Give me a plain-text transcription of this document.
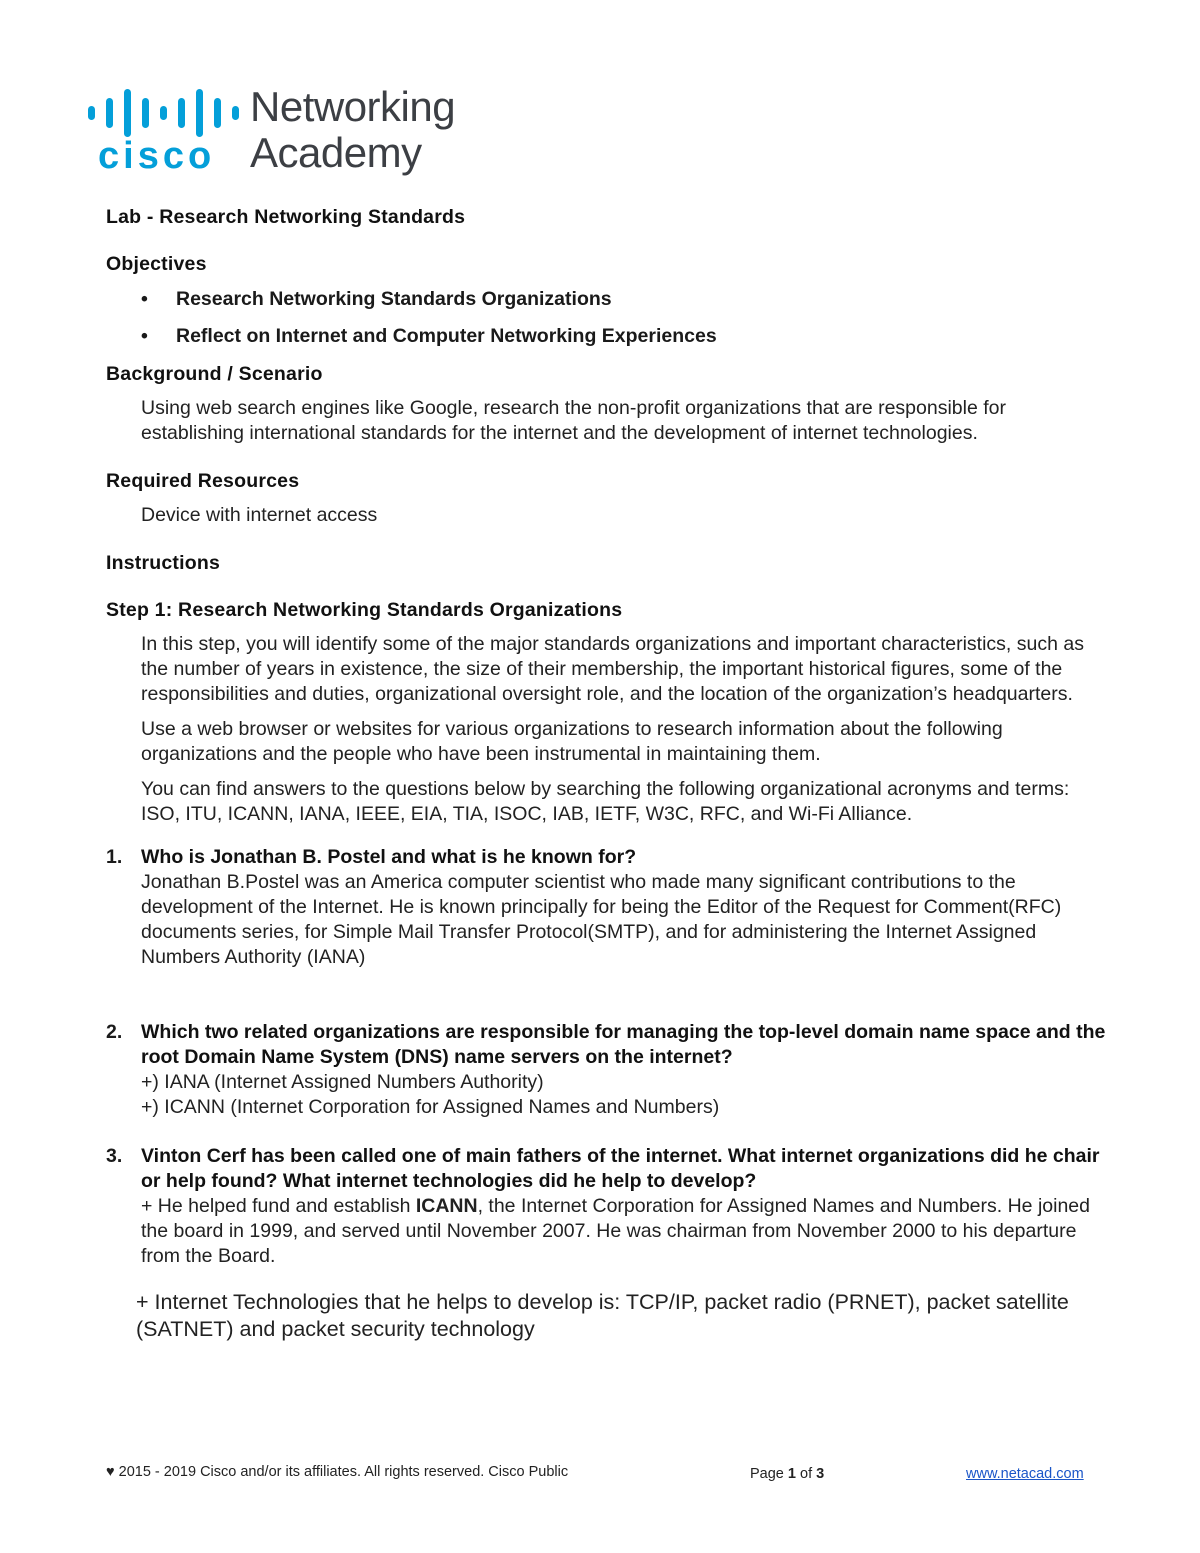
cisco
Networking
Academy
Lab - Research Networking Standards
Objectives
• Research Networking Standards Organizations
• Reflect on Internet and Computer Networking Experiences
Background / Scenario

Using web search engines like Google, research the non-profit organizations that are responsible for establishing international standards for the internet and the development of internet technologies.

Required Resources

Device with internet access

Instructions
Step 1: Research Networking Standards Organizations

In this step, you will identify some of the major standards organizations and important characteristics, such as the number of years in existence, the size of their membership, the important historical figures, some of the responsibilities and duties, organizational oversight role, and the location of the organization’s headquarters.

Use a web browser or websites for various organizations to research information about the following organizations and the people who have been instrumental in maintaining them.

You can find answers to the questions below by searching the following organizational acronyms and terms: ISO, ITU, ICANN, IANA, IEEE, EIA, TIA, ISOC, IAB, IETF, W3C, RFC, and Wi-Fi Alliance.

1. Who is Jonathan B. Postel and what is he known for?
Jonathan B.Postel was an America computer scientist who made many significant contributions to the development of the Internet. He is known principally for being the Editor of the Request for Comment(RFC) documents series, for Simple Mail Transfer Protocol(SMTP), and for administering the Internet Assigned Numbers Authority (IANA)
2. Which two related organizations are responsible for managing the top-level domain name space and the root Domain Name System (DNS) name servers on the internet?
+) IANA (Internet Assigned Numbers Authority)
+) ICANN (Internet Corporation for Assigned Names and Numbers)
3. Vinton Cerf has been called one of main fathers of the internet. What internet organizations did he chair or help found? What internet technologies did he help to develop?
+ He helped fund and establish ICANN, the Internet Corporation for Assigned Names and Numbers. He joined the board in 1999, and served until November 2007. He was chairman from November 2000 to his departure from the Board.
+ Internet Technologies that he helps to develop is: TCP/IP, packet radio (PRNET), packet satellite (SATNET) and packet security technology
♥ 2015 - 2019 Cisco and/or its affiliates. All rights reserved. Cisco Public	Page 1 of 3	www.netacad.com
